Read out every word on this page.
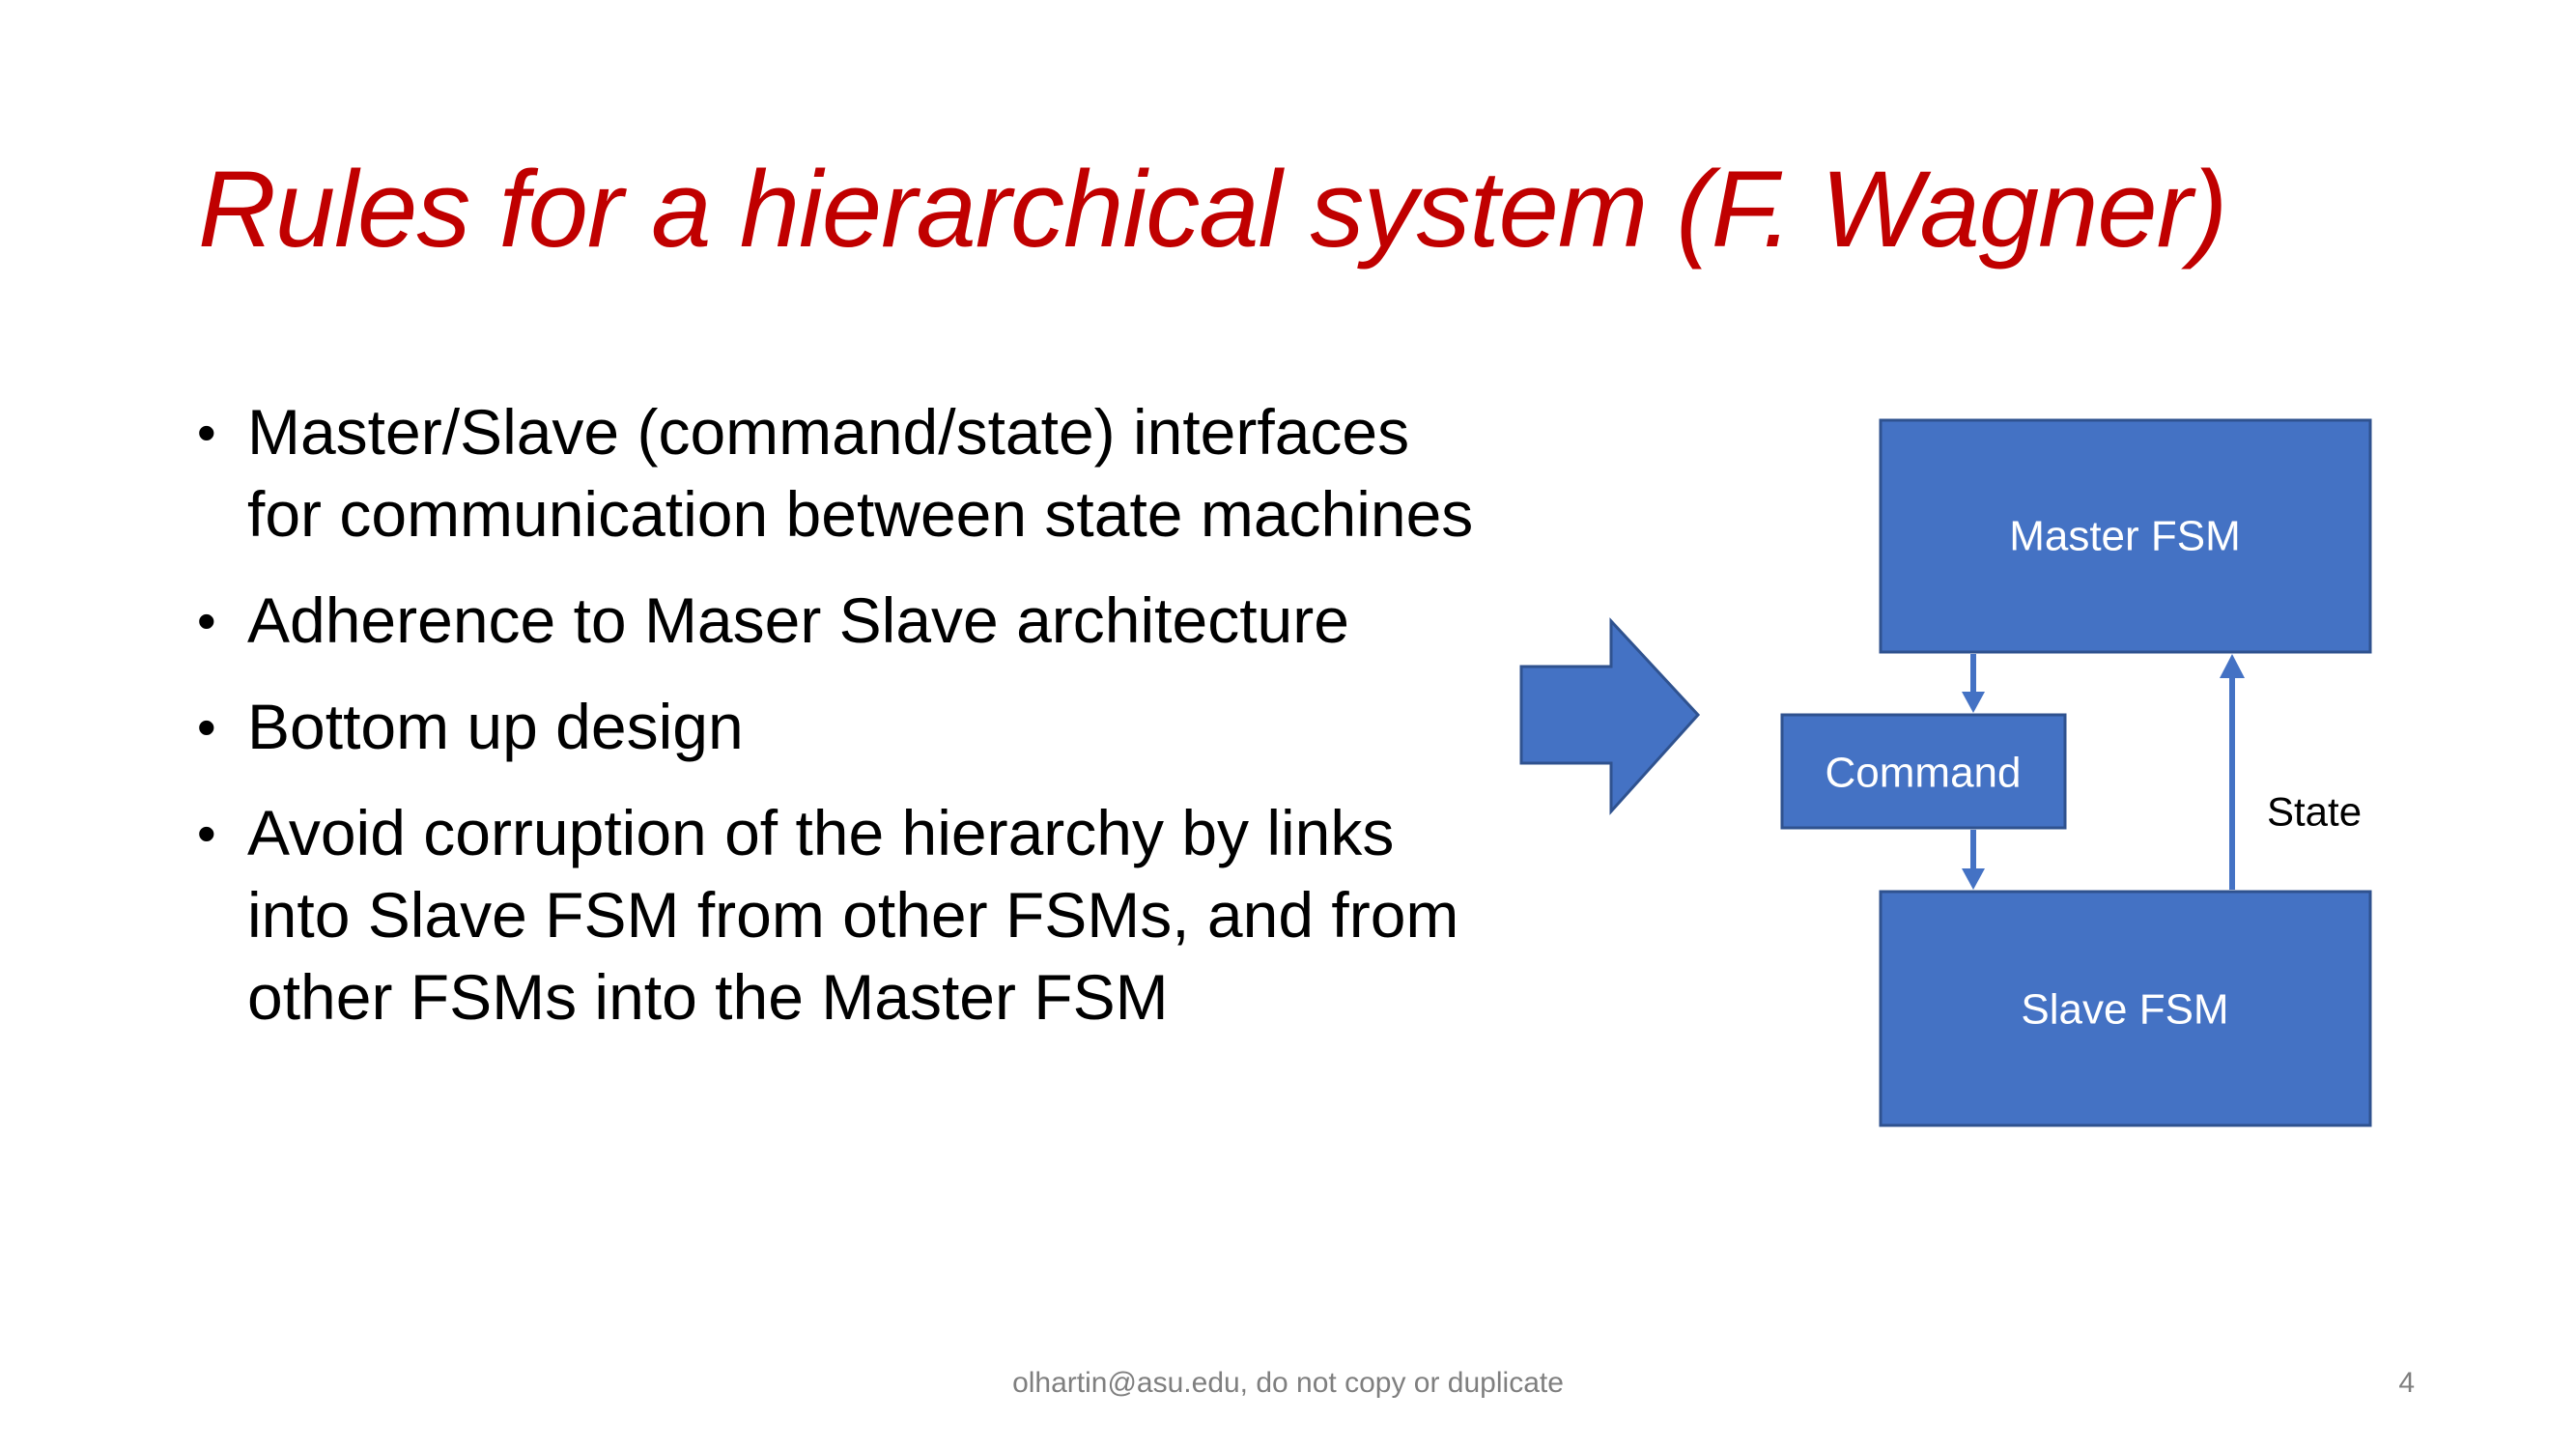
Rules for a hierarchical system (F. Wagner)
• Master/Slave (command/state) interfaces for communication between state machines
• Adherence to Maser Slave architecture
• Bottom up design
• Avoid corruption of the hierarchy by links into Slave FSM from other FSMs, and from other FSMs into the Master FSM
Master FSM
Command
Slave FSM
State
olhartin@asu.edu, do not copy or duplicate	4
